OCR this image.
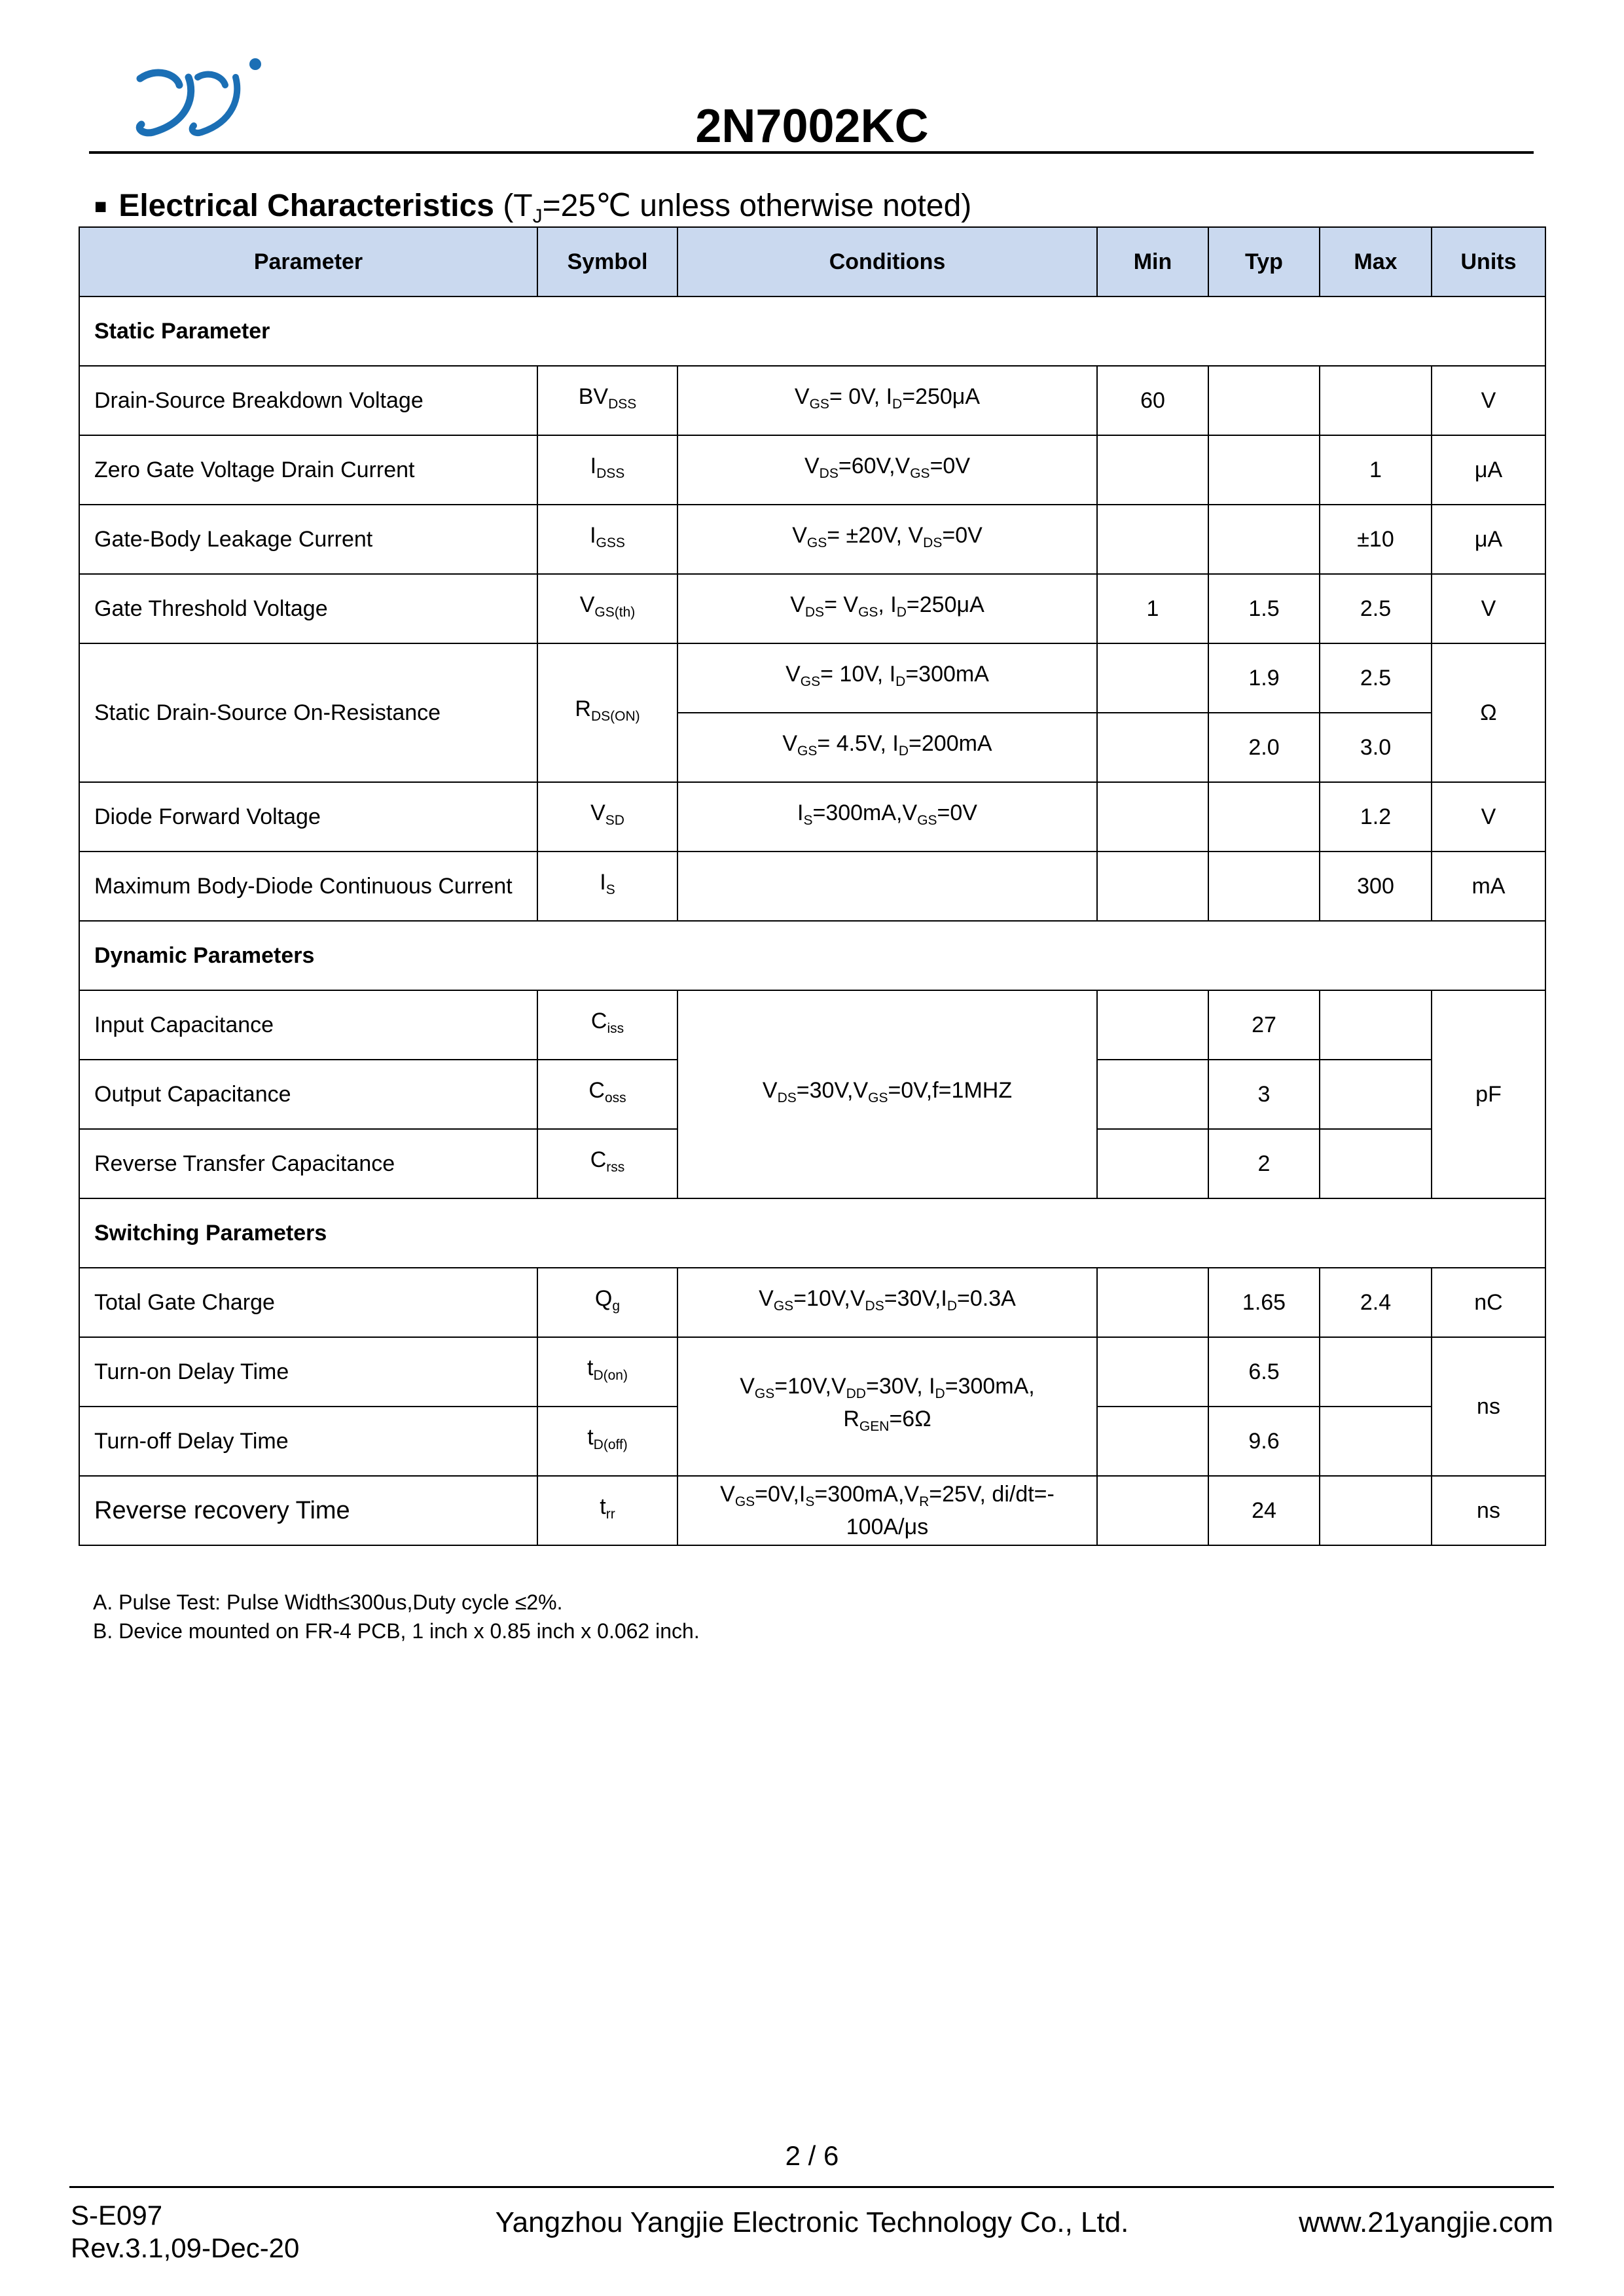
2N7002KC
■ Electrical Characteristics ($T_J=25℃$ unless otherwise noted)
Parameter	Symbol	Conditions	Min	Typ	Max	Units
Static Parameter						
Drain-Source Breakdown Voltage	$BV_{DSS}$	$V_{GS}= 0V$, $I_D=250\mu A$	60			V
Zero Gate Voltage Drain Current	$I_{DSS}$	$V_{DS}=60V,V_{GS}=0V$			1	μA
Gate-Body Leakage Current	$I_{GSS}$	$V_{GS}= \pm 20V$, $V_{DS}=0V$			±10	μA
Gate Threshold Voltage	$V_{GS(th)}$	$V_{DS}= V_{GS}$, $I_D=250\mu A$	1	1.5	2.5	V
Static Drain-Source On-Resistance	$R_{DS(ON)}$	$V_{GS}= 10V$, $I_D=300mA$		1.9	2.5	Ω
		$V_{GS}= 4.5V$, $I_D=200mA$		2.0	3.0	
Diode Forward Voltage	$V_{SD}$	$I_S=300mA,V_{GS}=0V$			1.2	V
Maximum Body-Diode Continuous Current	$I_S$				300	mA
Dynamic Parameters						
Input Capacitance	$C_{iss}$	$V_{DS}=30V,V_{GS}=0V,f=1MHZ$		27		pF
Output Capacitance	$C_{oss}$			3		
Reverse Transfer Capacitance	$C_{rss}$			2		
Switching Parameters						
Total Gate Charge	$Q_g$	$V_{GS}=10V,V_{DS}=30V,I_D=0.3A$		1.65	2.4	nC
Turn-on Delay Time	$t_{D(on)}$	$V_{GS}=10V,V_{DD}=30V$, $I_D=300mA$,
$R_{GEN}=6\Omega$		6.5		ns
Turn-off Delay Time	$t_{D(off)}$			9.6		
Reverse recovery Time	$t_{rr}$	$V_{GS}=0V,I_S=300mA,V_R=25V$, di/dt=-
100A/μs		24		ns
A. Pulse Test: Pulse Width≤300us,Duty cycle ≤2%.
B. Device mounted on FR-4 PCB, 1 inch x 0.85 inch x 0.062 inch.
2 / 6
S-E097
Rev.3.1,09-Dec-20
Yangzhou Yangjie Electronic Technology Co., Ltd.	www.21yangjie.com
